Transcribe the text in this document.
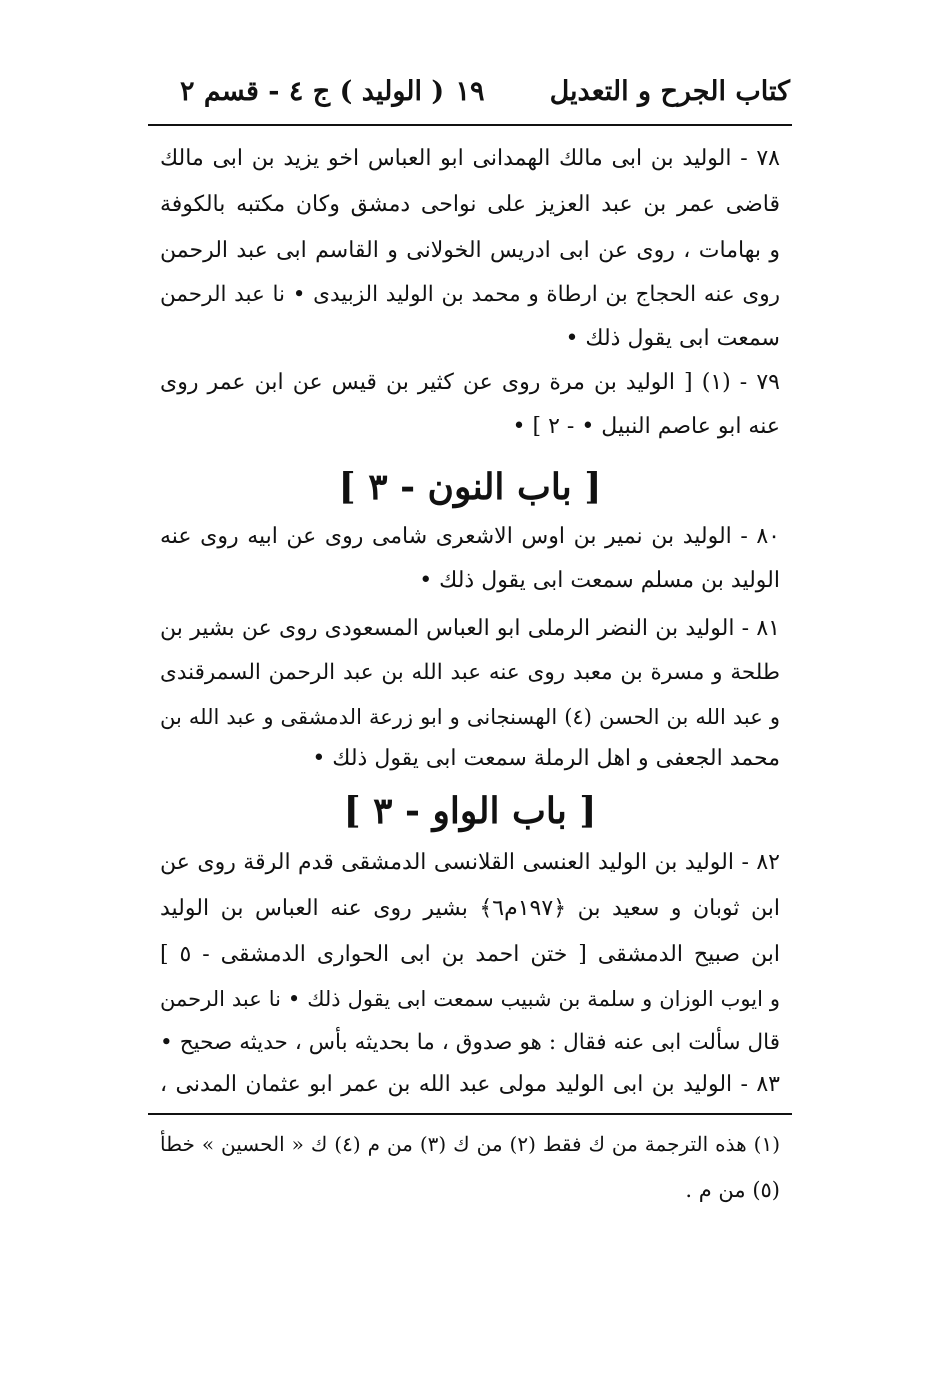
كتاب الجرح و التعديل
١٩
( الوليد ) ج ٤ - قسم ٢
٧٨ - الوليد بن ابى مالك الهمدانى ابو العباس اخو يزيد بن ابى مالك
قاضى عمر بن عبد العزيز على نواحى دمشق وكان مكتبه بالكوفة
و بهامات ، روى عن ابى ادريس الخولانى و القاسم ابى عبد الرحمن
روى عنه الحجاج بن ارطاة و محمد بن الوليد الزبيدى • نا عبد الرحمن
سمعت ابى يقول ذلك •
٧٩ - (١) [ الوليد بن مرة روى عن كثير بن قيس عن ابن عمر روى
عنه ابو عاصم النبيل • - ٢ ] •
[ باب النون - ٣ ]
٨٠ - الوليد بن نمير بن اوس الاشعرى شامى روى عن ابيه روى عنه
الوليد بن مسلم سمعت ابى يقول ذلك •
٨١ - الوليد بن النضر الرملى ابو العباس المسعودى روى عن بشير بن
طلحة و مسرة بن معبد روى عنه عبد الله بن عبد الرحمن السمرقندى
و عبد الله بن الحسن (٤) الهسنجانى و ابو زرعة الدمشقى و عبد الله بن
محمد الجعفى و اهل الرملة سمعت ابى يقول ذلك •
[ باب الواو - ٣ ]
٨٢ - الوليد بن الوليد العنسى القلانسى الدمشقى قدم الرقة روى عن
ابن ثوبان و سعيد بن ﴿١٩٧م٦﴾ بشير روى عنه العباس بن الوليد
ابن صبيح الدمشقى [ ختن احمد بن ابى الحوارى الدمشقى - ٥ ]
و ايوب الوزان و سلمة بن شبيب سمعت ابى يقول ذلك • نا عبد الرحمن
قال سألت ابى عنه فقال : هو صدوق ، ما بحديثه بأس ، حديثه صحيح •
٨٣ - الوليد بن ابى الوليد مولى عبد الله بن عمر ابو عثمان المدنى ،
(١) هذه الترجمة من ك فقط (٢) من ك (٣) من م (٤) ك « الحسين » خطأ
(٥) من م .
